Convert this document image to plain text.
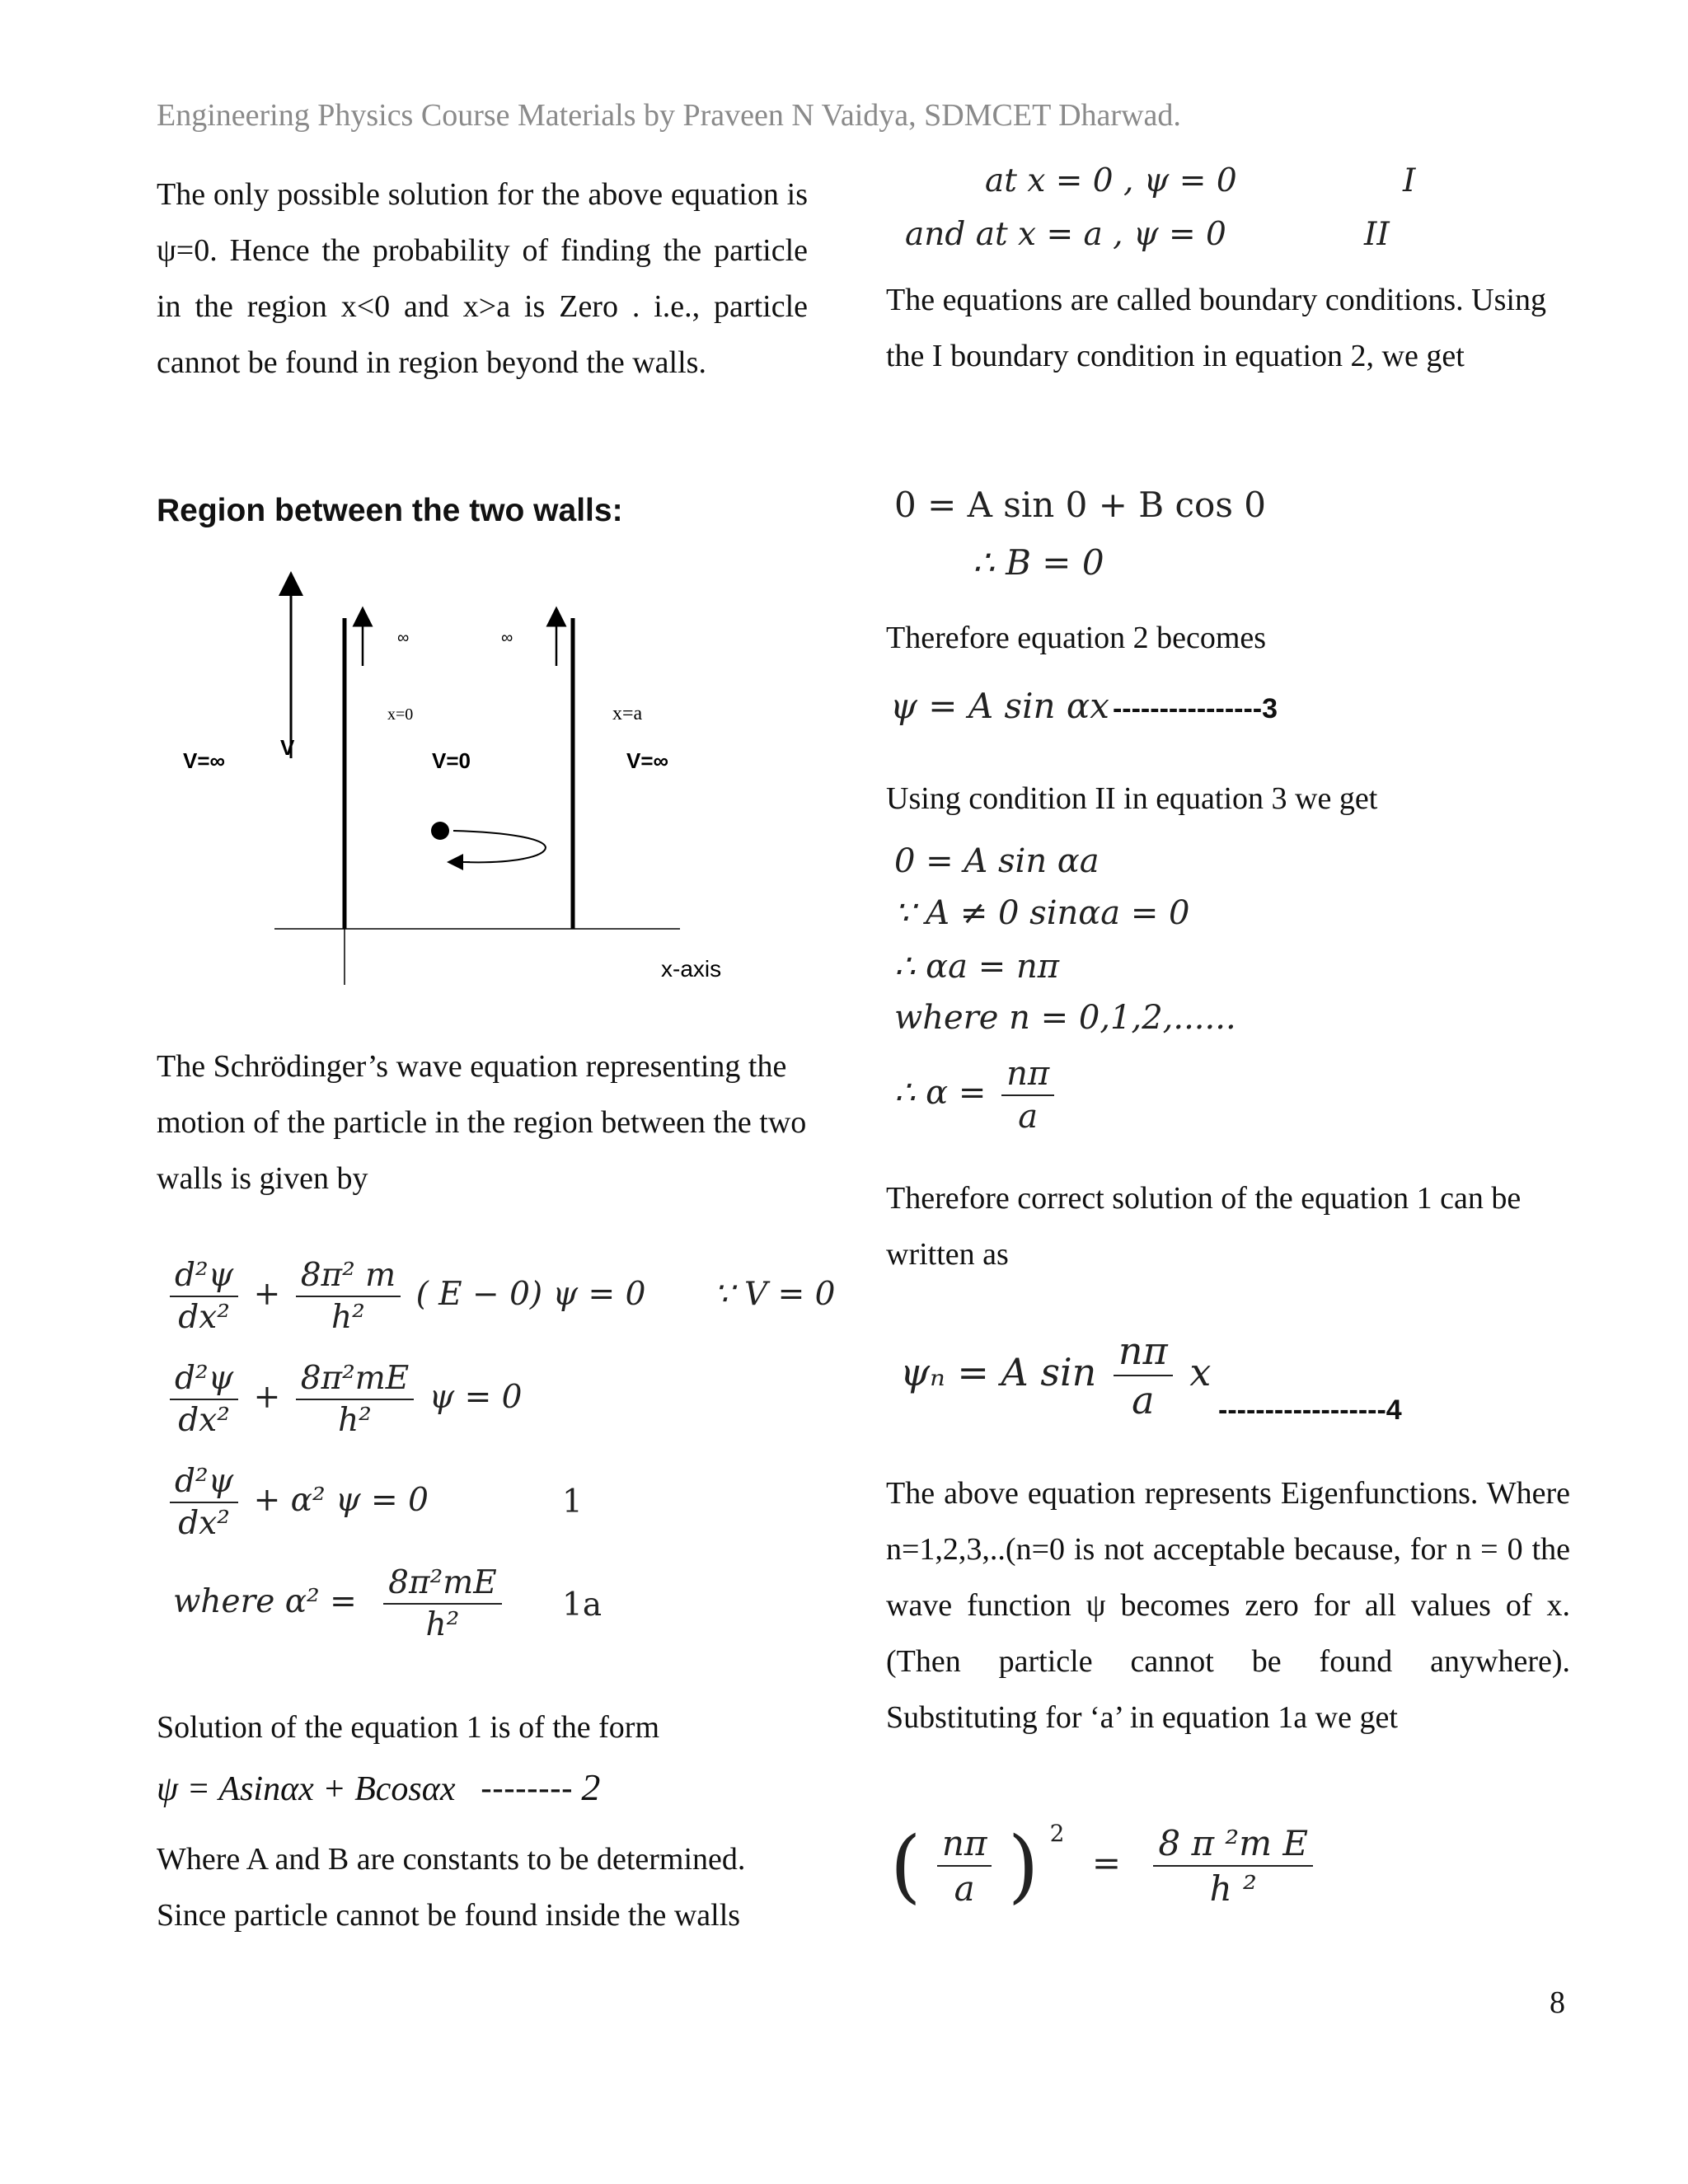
Engineering Physics Course Materials by Praveen N Vaidya, SDMCET Dharwad.

The only possible solution for the above equation is ψ=0. Hence the probability of finding the particle in the region x<0 and x>a is Zero . i.e., particle cannot be found in region beyond the walls.

Region between the two walls:
∞	∞
x=0	x=a
V
V=∞	V=0	V=∞
x-axis

The Schrödinger’s wave equation representing the motion of the particle in the region between the two walls is given by

$\frac{\text{d²ψ}}{\text{dx²}} + \frac{\text{8π² m}}{\text{h²}}$ ( E − 0) ψ = 0 ∵ V = 0
$\frac{\text{d²ψ}}{\text{dx²}} + \frac{\text{8π²mE}}{\text{h²}}$ ψ = 0
$\frac{\text{d²ψ}}{\text{dx²}} + \alpha^2$ ψ = 0	1
where $\alpha^2 = \frac{\text{8π²mE}}{\text{h²}} 1a$
Solution of the equation 1 is of the form
ψ = Asinαx + Bcosαx -------- 2

Where A and B are constants to be determined. Since particle cannot be found inside the walls

at x = 0 , ψ = 0	I
and at x = a , ψ = 0	II

The equations are called boundary conditions. Using the I boundary condition in equation 2, we get

0 = A sin 0 + B cos 0
∴ B = 0
Therefore equation 2 becomes
ψ = A sin αx ----------------3
Using condition II in equation 3 we get
0 = A sin αa
∵ A ≠ 0 sinαa = 0
∴ αa = nπ
where n = 0,1,2,......
∴ $\alpha = \frac{n\pi}{a}$

Therefore correct solution of the equation 1 can be written as

ψₙ = A $\sin \frac{n\pi}{a}$ x
------------------4

The above equation represents Eigenfunctions. Where n=1,2,3,..(n=0 is not acceptable because, for n = 0 the wave function ψ becomes zero for all values of x. (Then particle cannot be found anywhere). Substituting for ‘a’ in equation 1a we get

( $\frac{n\pi}{a}$ ) $^2 = \frac{\text{8 π ²m E}}{\text{h ²}}$
8
